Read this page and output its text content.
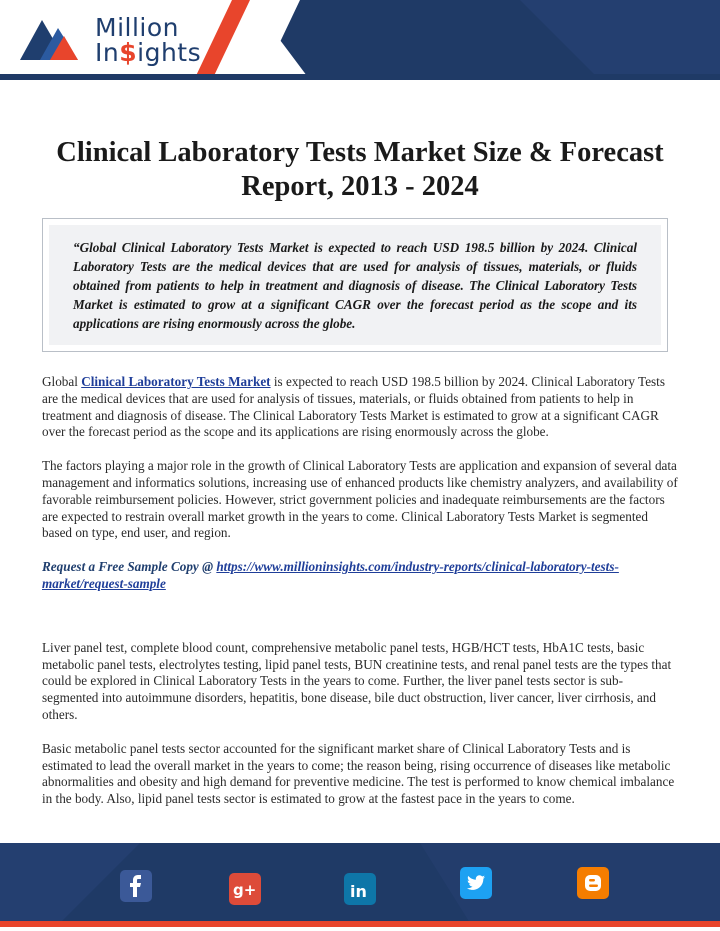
Million
In$ights
Clinical Laboratory Tests Market Size & Forecast Report, 2013 - 2024

“Global Clinical Laboratory Tests Market is expected to reach USD 198.5 billion by 2024. Clinical Laboratory Tests are the medical devices that are used for analysis of tissues, materials, or fluids obtained from patients to help in treatment and diagnosis of disease. The Clinical Laboratory Tests Market is estimated to grow at a significant CAGR over the forecast period as the scope and its applications are rising enormously across the globe.

Global Clinical Laboratory Tests Market is expected to reach USD 198.5 billion by 2024. Clinical Laboratory Tests are the medical devices that are used for analysis of tissues, materials, or fluids obtained from patients to help in treatment and diagnosis of disease. The Clinical Laboratory Tests Market is estimated to grow at a significant CAGR over the forecast period as the scope and its applications are rising enormously across the globe.

The factors playing a major role in the growth of Clinical Laboratory Tests are application and expansion of several data management and informatics solutions, increasing use of enhanced products like chemistry analyzers, and availability of favorable reimbursement policies. However, strict government policies and inadequate reimbursements are the factors are expected to restrain overall market growth in the years to come. Clinical Laboratory Tests Market is segmented based on type, end user, and region.

Request a Free Sample Copy @ https://www.millioninsights.com/industry-reports/clinical-laboratory-tests-market/request-sample

Liver panel test, complete blood count, comprehensive metabolic panel tests, HGB/HCT tests, HbA1C tests, basic metabolic panel tests, electrolytes testing, lipid panel tests, BUN creatinine tests, and renal panel tests are the types that could be explored in Clinical Laboratory Tests in the years to come. Further, the liver panel tests sector is sub-segmented into autoimmune disorders, hepatitis, bone disease, bile duct obstruction, liver cancer, liver cirrhosis, and others.

Basic metabolic panel tests sector accounted for the significant market share of Clinical Laboratory Tests and is estimated to lead the overall market in the years to come; the reason being, rising occurrence of diseases like metabolic abnormalities and obesity and high demand for preventive medicine. The test is performed to know chemical imbalance in the body. Also, lipid panel tests sector is estimated to grow at the fastest pace in the years to come.

g+	in
